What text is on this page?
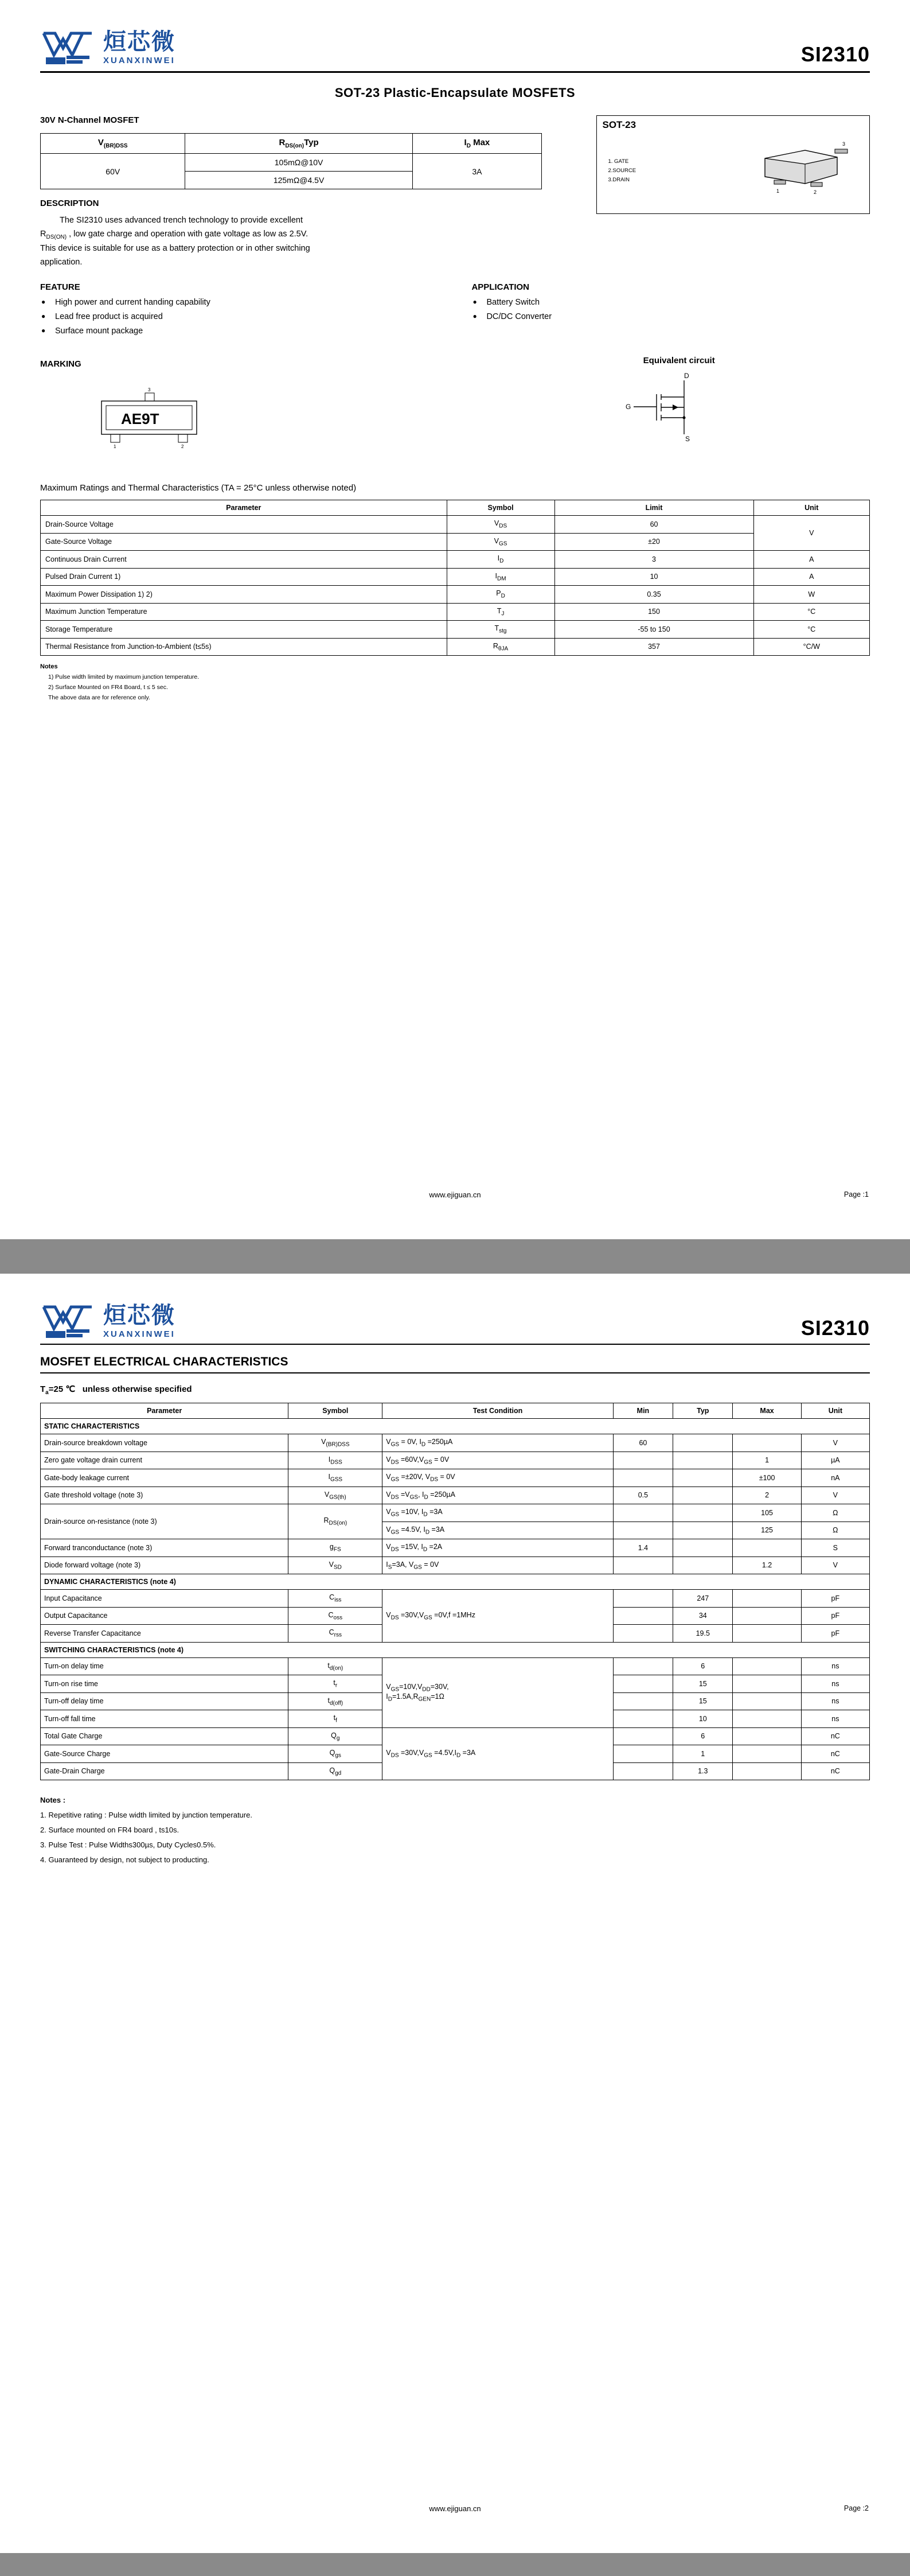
烜芯微
XUANXINWEI	SI2310
SOT-23 Plastic-Encapsulate MOSFETS
30V N-Channel MOSFET
$V_{(BR)DSS}$	$R_{DS(on)}Typ$	$I_D$ Max
60V	105mΩ@10V	3A
	125mΩ@4.5V	
DESCRIPTION
The SI2310 uses advanced trench technology to provide excellent
$R_{DS(ON)}$ , low gate charge and operation with gate voltage as low as 2.5V.
This device is suitable for use as a battery protection or in other switching
application.
SOT-23
1. GATE
2.SOURCE
3.DRAIN
3
1	2
FEATURE
● High power and current handing capability
● Lead free product is acquired
● Surface mount package
APPLICATION
● Battery Switch
● DC/DC Converter
MARKING
AE9T
3
1	2
Equivalent circuit
D
G
S
Maximum Ratings and Thermal Characteristics (TA = 25°C unless otherwise noted)
Parameter	Symbol	Limit	Unit
Drain-Source Voltage	$V_{DS}$	60	V
Gate-Source Voltage	$V_{GS}$	±20	
Continuous Drain Current	$I_D$	3	A
Pulsed Drain Current 1)	$I_{DM}$	10	A
Maximum Power Dissipation 1) 2)	$P_D$	0.35	W
Maximum Junction Temperature	$T_J$	150	°C
Storage Temperature	$T_{stg}$	-55 to 150	°C
Thermal Resistance from Junction-to-Ambient (t≤5s)	$R_{\theta JA}$	357	°C/W
Notes
1) Pulse width limited by maximum junction temperature.
2) Surface Mounted on FR4 Board, t ≤ 5 sec.
The above data are for reference only.
www.ejiguan.cn	Page :1
烜芯微
XUANXINWEI	SI2310
MOSFET ELECTRICAL CHARACTERISTICS
$T_a=25$ ℃   unless otherwise specified
Parameter	Symbol	Test Condition	Min	Typ	Max	Unit
STATIC CHARACTERISTICS						
Drain-source breakdown voltage	$V_{(BR)DSS}$	$V_{GS} = 0V$, $I_D =250\mu A$	60			V
Zero gate voltage drain current	$I_{DSS}$	$V_{DS} =60V,V_{GS} = 0V$			1	µA
Gate-body leakage current	$I_{GSS}$	$V_{GS} =\pm 20V$, $V_{DS} = 0V$			±100	nA
Gate threshold voltage (note 3)	$V_{GS(th)}$	$V_{DS} =V_{GS}$, $I_D =250\mu A$	0.5		2	V
Drain-source on-resistance (note 3)	$R_{DS(on)}$	$V_{GS} =10V$, $I_D =3A$			105	Ω
		$V_{GS} =4.5V$, $I_D =3A$			125	Ω
Forward tranconductance (note 3)	$g_{FS}$	$V_{DS} =15V$, $I_D =2A$	1.4			S
Diode forward voltage (note 3)	$V_{SD}$	$I_S=3A$, $V_{GS} = 0V$			1.2	V
DYNAMIC CHARACTERISTICS (note 4)						
Input Capacitance	$C_{iss}$	$V_{DS} =30V,V_{GS} =0V,f =1MHz$		247		pF
Output Capacitance	$C_{oss}$			34		pF
Reverse Transfer Capacitance	$C_{rss}$			19.5		pF
SWITCHING CHARACTERISTICS (note 4)						
Turn-on delay time	$t_{d(on)}$	$V_{GS}=10V,V_{DD}=30V$,
$I_D=1.5A,R_{GEN}=1\Omega$		6		ns
Turn-on rise time	$t_r$			15		ns
Turn-off delay time	$t_{d(off)}$			15		ns
Turn-off fall time	$t_f$			10		ns
Total Gate Charge	$Q_g$	$V_{DS} =30V,V_{GS} =4.5V,I_D =3A$		6		nC
Gate-Source Charge	$Q_{gs}$			1		nC
Gate-Drain Charge	$Q_{gd}$			1.3		nC
Notes :
1. Repetitive rating : Pulse width limited by junction temperature.
2. Surface mounted on FR4 board , ts10s.
3. Pulse Test : Pulse Widths300µs, Duty Cycles0.5%.
4. Guaranteed by design, not subject to producting.
www.ejiguan.cn	Page :2
